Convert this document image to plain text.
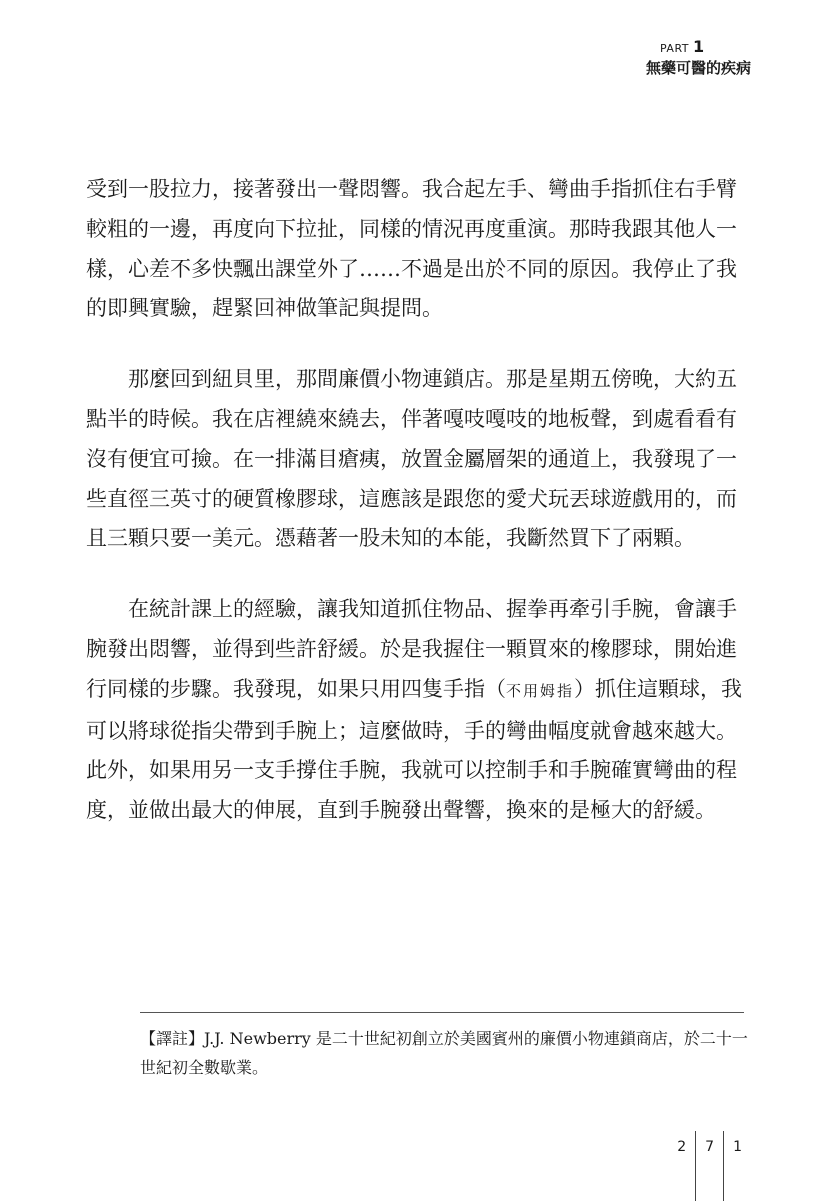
PART 1
無藥可醫的疾病

受到一股拉力，接著發出一聲悶響。我合起左手、彎曲手指抓住右手臂較粗的一邊，再度向下拉扯，同樣的情況再度重演。那時我跟其他人一樣，心差不多快飄出課堂外了……不過是出於不同的原因。我停止了我的即興實驗，趕緊回神做筆記與提問。

那麼回到紐貝里，那間廉價小物連鎖店。那是星期五傍晚，大約五點半的時候。我在店裡繞來繞去，伴著嘎吱嘎吱的地板聲，到處看看有沒有便宜可撿。在一排滿目瘡痍，放置金屬層架的通道上，我發現了一些直徑三英寸的硬質橡膠球，這應該是跟您的愛犬玩丟球遊戲用的，而且三顆只要一美元。憑藉著一股未知的本能，我斷然買下了兩顆。

在統計課上的經驗，讓我知道抓住物品、握拳再牽引手腕，會讓手腕發出悶響，並得到些許舒緩。於是我握住一顆買來的橡膠球，開始進行同樣的步驟。我發現，如果只用四隻手指（不用姆指）抓住這顆球，我可以將球從指尖帶到手腕上；這麼做時，手的彎曲幅度就會越來越大。此外，如果用另一支手撐住手腕，我就可以控制手和手腕確實彎曲的程度，並做出最大的伸展，直到手腕發出聲響，換來的是極大的舒緩。

【譯註】J.J. Newberry 是二十世紀初創立於美國賓州的廉價小物連鎖商店，於二十一世紀初全數歇業。
2	7	1
